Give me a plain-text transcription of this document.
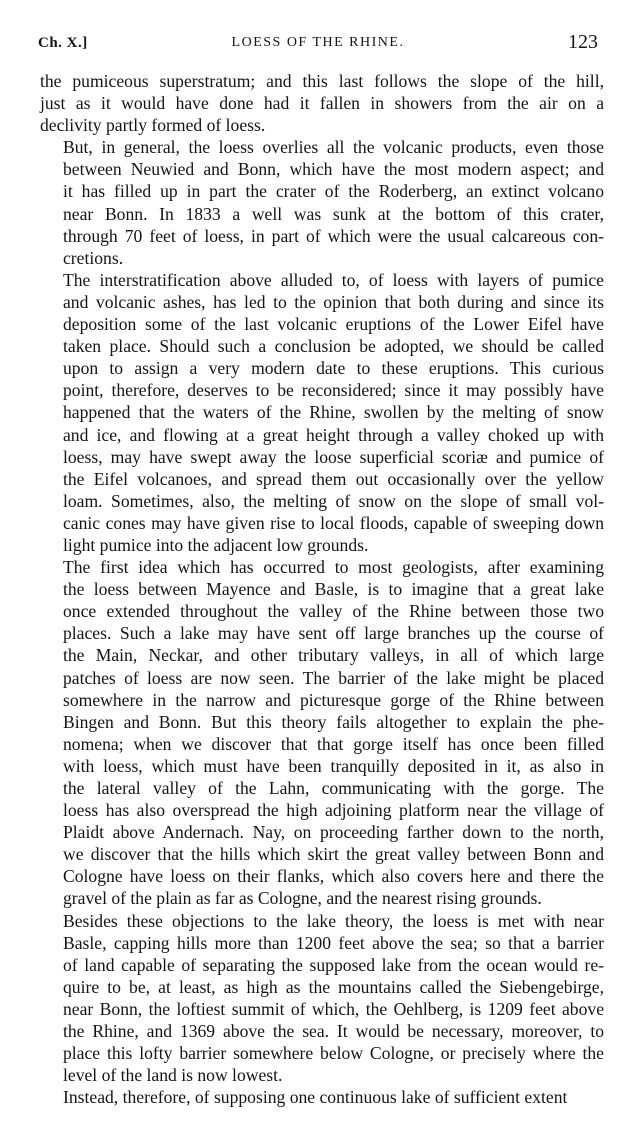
Ch. X.]	LOESS OF THE RHINE.	123

the pumiceous superstratum; and this last follows the slope of the hill,
just as it would have done had it fallen in showers from the air on a
declivity partly formed of loess.

But, in general, the loess overlies all the volcanic products, even those
between Neuwied and Bonn, which have the most modern aspect; and
it has filled up in part the crater of the Roderberg, an extinct volcano
near Bonn. In 1833 a well was sunk at the bottom of this crater,
through 70 feet of loess, in part of which were the usual calcareous con-
cretions.

The interstratification above alluded to, of loess with layers of pumice
and volcanic ashes, has led to the opinion that both during and since its
deposition some of the last volcanic eruptions of the Lower Eifel have
taken place. Should such a conclusion be adopted, we should be called
upon to assign a very modern date to these eruptions. This curious
point, therefore, deserves to be reconsidered; since it may possibly have
happened that the waters of the Rhine, swollen by the melting of snow
and ice, and flowing at a great height through a valley choked up with
loess, may have swept away the loose superficial scoriæ and pumice of
the Eifel volcanoes, and spread them out occasionally over the yellow
loam. Sometimes, also, the melting of snow on the slope of small vol-
canic cones may have given rise to local floods, capable of sweeping down
light pumice into the adjacent low grounds.

The first idea which has occurred to most geologists, after examining
the loess between Mayence and Basle, is to imagine that a great lake
once extended throughout the valley of the Rhine between those two
places. Such a lake may have sent off large branches up the course of
the Main, Neckar, and other tributary valleys, in all of which large
patches of loess are now seen. The barrier of the lake might be placed
somewhere in the narrow and picturesque gorge of the Rhine between
Bingen and Bonn. But this theory fails altogether to explain the phe-
nomena; when we discover that that gorge itself has once been filled
with loess, which must have been tranquilly deposited in it, as also in
the lateral valley of the Lahn, communicating with the gorge. The
loess has also overspread the high adjoining platform near the village of
Plaidt above Andernach. Nay, on proceeding farther down to the north,
we discover that the hills which skirt the great valley between Bonn and
Cologne have loess on their flanks, which also covers here and there the
gravel of the plain as far as Cologne, and the nearest rising grounds.

Besides these objections to the lake theory, the loess is met with near
Basle, capping hills more than 1200 feet above the sea; so that a barrier
of land capable of separating the supposed lake from the ocean would re-
quire to be, at least, as high as the mountains called the Siebengebirge,
near Bonn, the loftiest summit of which, the Oehlberg, is 1209 feet above
the Rhine, and 1369 above the sea. It would be necessary, moreover, to
place this lofty barrier somewhere below Cologne, or precisely where the
level of the land is now lowest.

Instead, therefore, of supposing one continuous lake of sufficient extent
